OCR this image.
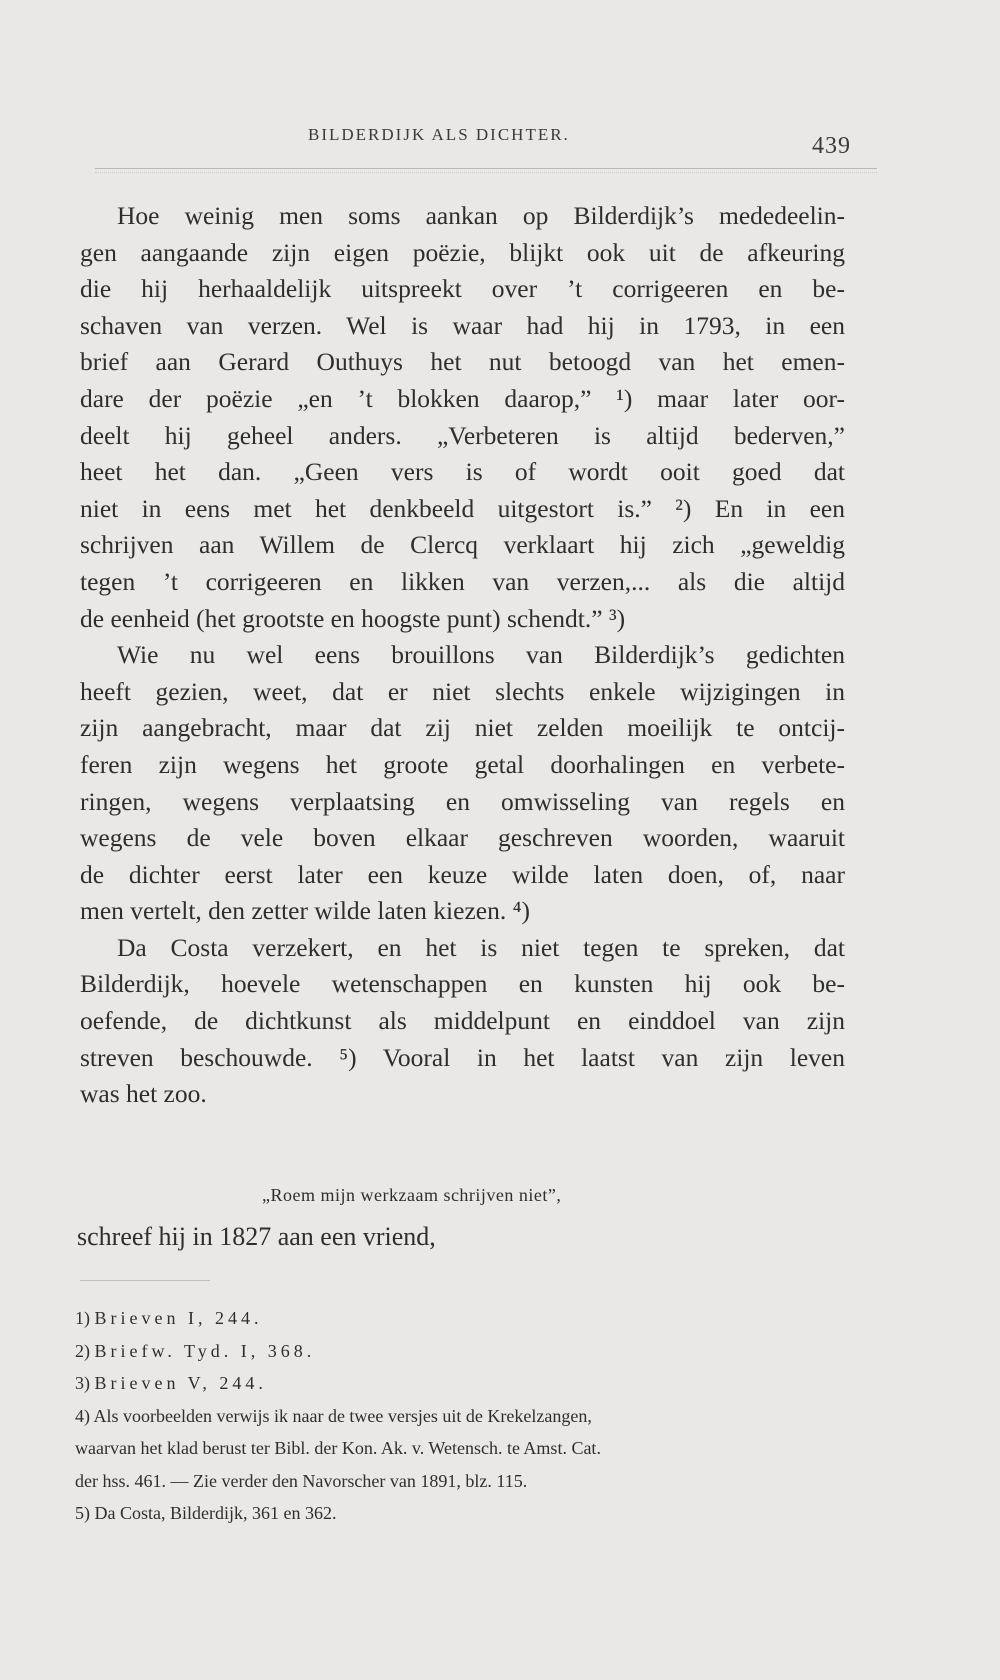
BILDERDIJK ALS DICHTER.	439

Hoe weinig men soms aankan op Bilderdijk’s mededeelin-

gen aangaande zijn eigen poëzie, blijkt ook uit de afkeuring

die hij herhaaldelijk uitspreekt over ’t corrigeeren en be-

schaven van verzen. Wel is waar had hij in 1793, in een

brief aan Gerard Outhuys het nut betoogd van het emen-

dare der poëzie „en ’t blokken daarop,” ¹) maar later oor-

deelt hij geheel anders. „Verbeteren is altijd bederven,”

heet het dan. „Geen vers is of wordt ooit goed dat

niet in eens met het denkbeeld uitgestort is.” ²) En in een

schrijven aan Willem de Clercq verklaart hij zich „geweldig

tegen ’t corrigeeren en likken van verzen,... als die altijd

de eenheid (het grootste en hoogste punt) schendt.” ³)

Wie nu wel eens brouillons van Bilderdijk’s gedichten

heeft gezien, weet, dat er niet slechts enkele wijzigingen in

zijn aangebracht, maar dat zij niet zelden moeilijk te ontcij-

feren zijn wegens het groote getal doorhalingen en verbete-

ringen, wegens verplaatsing en omwisseling van regels en

wegens de vele boven elkaar geschreven woorden, waaruit

de dichter eerst later een keuze wilde laten doen, of, naar

men vertelt, den zetter wilde laten kiezen. ⁴)

Da Costa verzekert, en het is niet tegen te spreken, dat

Bilderdijk, hoevele wetenschappen en kunsten hij ook be-

oefende, de dichtkunst als middelpunt en einddoel van zijn

streven beschouwde. ⁵) Vooral in het laatst van zijn leven

was het zoo.

„Roem mijn werkzaam schrijven niet”,
schreef hij in 1827 aan een vriend,
1) Brieven I, 244.
2) Briefw. Tyd. I, 368.
3) Brieven V, 244.
4) Als voorbeelden verwijs ik naar de twee versjes uit de Krekelzangen,
waarvan het klad berust ter Bibl. der Kon. Ak. v. Wetensch. te Amst. Cat.
der hss. 461. — Zie verder den Navorscher van 1891, blz. 115.
5) Da Costa, Bilderdijk, 361 en 362.
